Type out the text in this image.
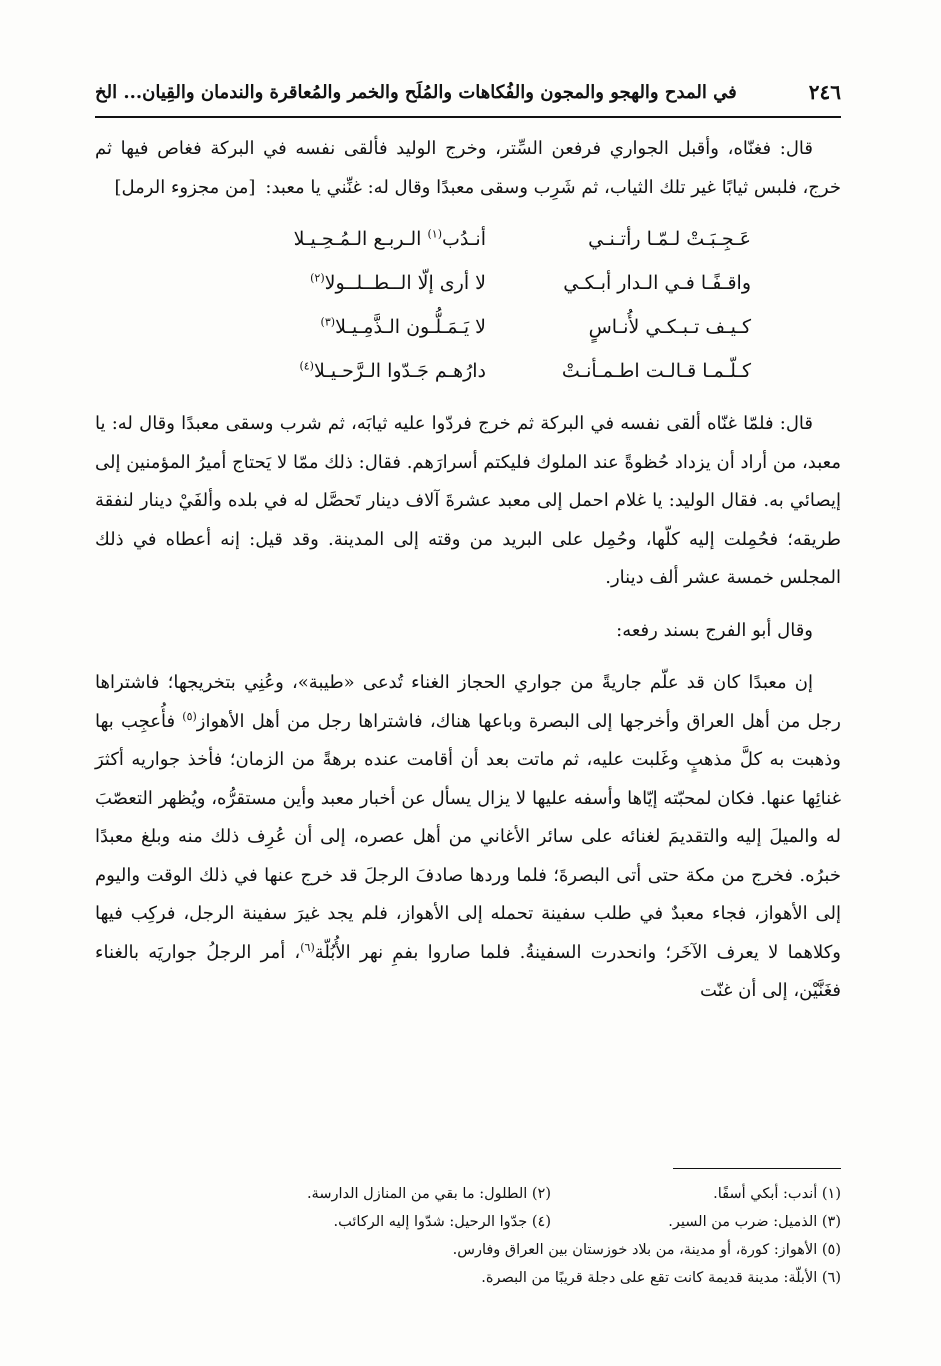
٢٤٦
في المدح والهجو والمجون والفُكاهات والمُلَح والخمر والمُعاقرة والندمان والقِيان... الخ

قال: فغنّاه، وأقبل الجواري فرفعن السِّتر، وخرج الوليد فألقى نفسه في البركة فغاص فيها ثم خرج، فلبس ثيابًا غير تلك الثياب، ثم شَرِب وسقى معبدًا وقال له: غنِّني يا معبد:[من مجزوء الرمل]

عَـجِـبَـتْ لـمّـا رأتـنـي
أنـدُب$^{(١)}$ الـربـع الـمُـحِـيـلا
واقـفًـا فـي الـدار أبـكـي
لا أرى إلّا الــطــلــولا$^{(٢)}$
كـيـف تـبـكـي لأُنـاسٍ
لا يَـمَـلُّـون الـذَّمِـيـلا$^{(٣)}$
كـلّـمـا قـالـت اطـمـأنـتْ
دارُهـم جَـدّوا الـرَّحـيـلا$^{(٤)}$

قال: فلمّا غنّاه ألقى نفسه في البركة ثم خرج فردّوا عليه ثيابَه، ثم شرب وسقى معبدًا وقال له: يا معبد، من أراد أن يزداد حُظوةً عند الملوك فليكتم أسرارَهم. فقال: ذلك ممّا لا يَحتاج أميرُ المؤمنين إلى إيصائي به. فقال الوليد: يا غلام احمل إلى معبد عشرةَ آلاف دينار تَحصَّل له في بلده وألفَيْ دينار لنفقة طريقه؛ فحُمِلت إليه كلّها، وحُمِل على البريد من وقته إلى المدينة. وقد قيل: إنه أعطاه في ذلك المجلس خمسة عشر ألف دينار.

وقال أبو الفرج بسند رفعه:

إن معبدًا كان قد علّم جاريةً من جواري الحجاز الغناء تُدعى «طيبة»، وعُنِي بتخريجها؛ فاشتراها رجل من أهل العراق وأخرجها إلى البصرة وباعها هناك، فاشتراها رجل من أهل الأهواز$^{(٥)}$ فأُعجِب بها وذهبت به كلَّ مذهبٍ وغَلبت عليه، ثم ماتت بعد أن أقامت عنده برهةً من الزمان؛ فأخذ جواريه أكثرَ غنائِها عنها. فكان لمحبّته إيّاها وأسفه عليها لا يزال يسأل عن أخبار معبد وأين مستقرُّه، ويُظهر التعصّبَ له والميلَ إليه والتقديمَ لغنائه على سائر الأغاني من أهل عصره، إلى أن عُرِف ذلك منه وبلغ معبدًا خبرُه. فخرج من مكة حتى أتى البصرةَ؛ فلما وردها صادفَ الرجلَ قد خرج عنها في ذلك الوقت واليوم إلى الأهواز، فجاء معبدٌ في طلب سفينة تحمله إلى الأهواز، فلم يجد غيرَ سفينة الرجل، فركِب فيها وكلاهما لا يعرف الآخَر؛ وانحدرت السفينةُ. فلما صاروا بفمِ نهر الأُبُلّة$^{(٦)}$، أمر الرجلُ جواريَه بالغناء فغَنَّيْن، إلى أن غنّت

(١) أندب: أبكي أسفًا.
(٢) الطلول: ما بقي من المنازل الدارسة.
(٣) الذميل: ضرب من السير.
(٤) جدّوا الرحيل: شدّوا إليه الركائب.
(٥) الأهواز: كورة، أو مدينة، من بلاد خوزستان بين العراق وفارس.
(٦) الأبلّة: مدينة قديمة كانت تقع على دجلة قريبًا من البصرة.
